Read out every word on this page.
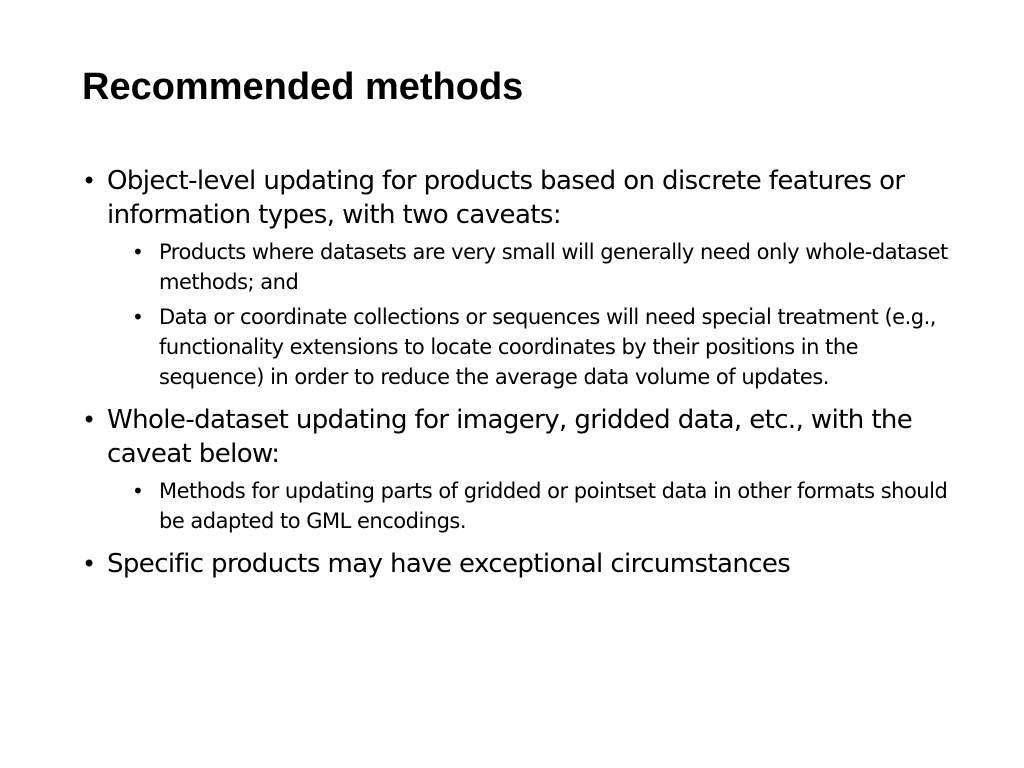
Recommended methods
• Object-level updating for products based on discrete features or information types, with two caveats:
• Products where datasets are very small will generally need only whole-dataset methods; and
• Data or coordinate collections or sequences will need special treatment (e.g., functionality extensions to locate coordinates by their positions in the sequence) in order to reduce the average data volume of updates.
• Whole-dataset updating for imagery, gridded data, etc., with the caveat below:
• Methods for updating parts of gridded or pointset data in other formats should be adapted to GML encodings.
• Specific products may have exceptional circumstances
